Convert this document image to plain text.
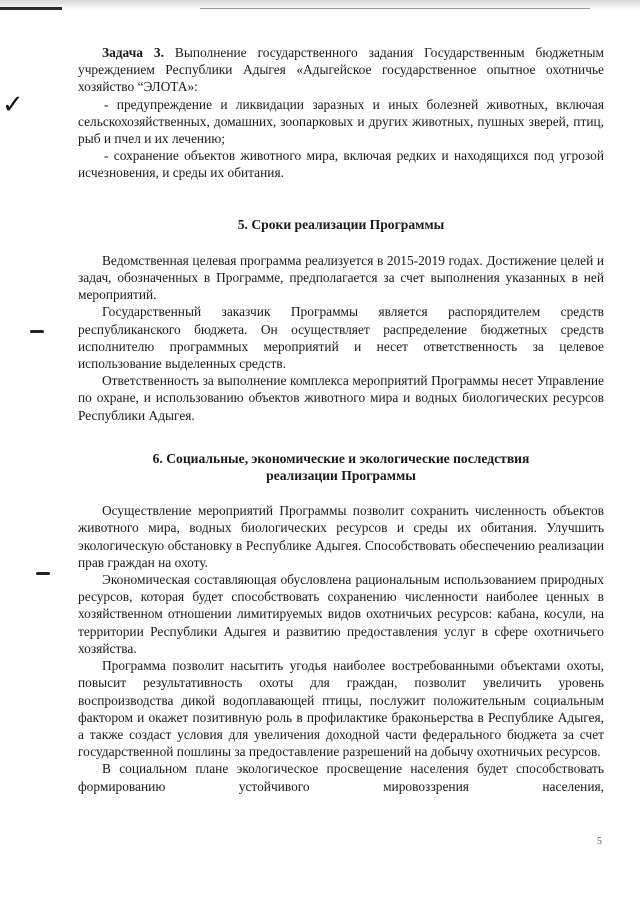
✓

Задача 3. Выполнение государственного задания Государственным бюджетным учреждением Республики Адыгея «Адыгейское государственное опытное охотничье хозяйство “ЭЛОТА»:

- предупреждение и ликвидации заразных и иных болезней животных, включая сельскохозяйственных, домашних, зоопарковых и других животных, пушных зверей, птиц, рыб и пчел и их лечению;

- сохранение объектов животного мира, включая редких и находящихся под угрозой исчезновения, и среды их обитания.

5. Сроки реализации Программы

Ведомственная целевая программа реализуется в 2015-2019 годах. Достижение целей и задач, обозначенных в Программе, предполагается за счет выполнения указанных в ней мероприятий.

Государственный заказчик Программы является распорядителем средств республиканского бюджета. Он осуществляет распределение бюджетных средств исполнителю программных мероприятий и несет ответственность за целевое использование выделенных средств.

Ответственность за выполнение комплекса мероприятий Программы несет Управление по охране, и использованию объектов животного мира и водных биологических ресурсов Республики Адыгея.

6. Социальные, экономические и экологические последствия
реализации Программы

Осуществление мероприятий Программы позволит сохранить численность объектов животного мира, водных биологических ресурсов и среды их обитания. Улучшить экологическую обстановку в Республике Адыгея. Способствовать обеспечению реализации прав граждан на охоту.

Экономическая составляющая обусловлена рациональным использованием природных ресурсов, которая будет способствовать сохранению численности наиболее ценных в хозяйственном отношении лимитируемых видов охотничьих ресурсов: кабана, косули, на территории Республики Адыгея и развитию предоставления услуг в сфере охотничьего хозяйства.

Программа позволит насытить угодья наиболее востребованными объектами охоты, повысит результативность охоты для граждан, позволит увеличить уровень воспроизводства дикой водоплавающей птицы, послужит положительным социальным фактором и окажет позитивную роль в профилактике браконьерства в Республике Адыгея, а также создаст условия для увеличения доходной части федерального бюджета за счет государственной пошлины за предоставление разрешений на добычу охотничьих ресурсов.

В социальном плане экологическое просвещение населения будет способствовать формированию устойчивого мировоззрения населения,

5
